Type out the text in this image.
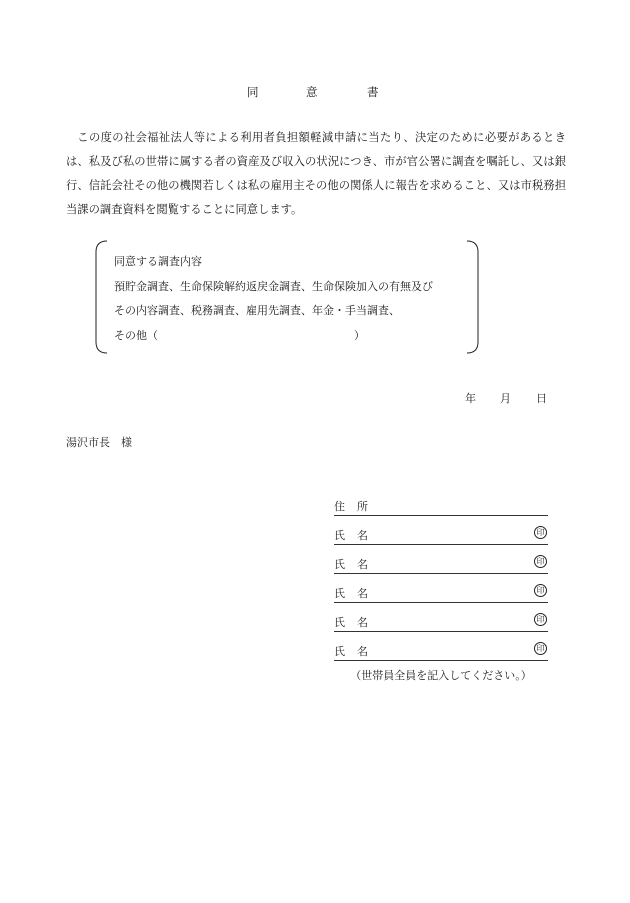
同	意	書

この度の社会福祉法人等による利用者負担額軽減申請に当たり、決定のために必要があるときは、私及び私の世帯に属する者の資産及び収入の状況につき、市が官公署に調査を嘱託し、又は銀行、信託会社その他の機関若しくは私の雇用主その他の関係人に報告を求めること、又は市税務担当課の調査資料を閲覧することに同意します。

同意する調査内容
預貯金調査、生命保険解約返戻金調査、生命保険加入の有無及び
その内容調査、税務調査、雇用先調査、年金・手当調査、
その他（	）
年 月 日
湯沢市長　様
住 所
氏 名	印
氏 名	印
氏 名	印
氏 名	印
氏 名	印
（世帯員全員を記入してください。）
